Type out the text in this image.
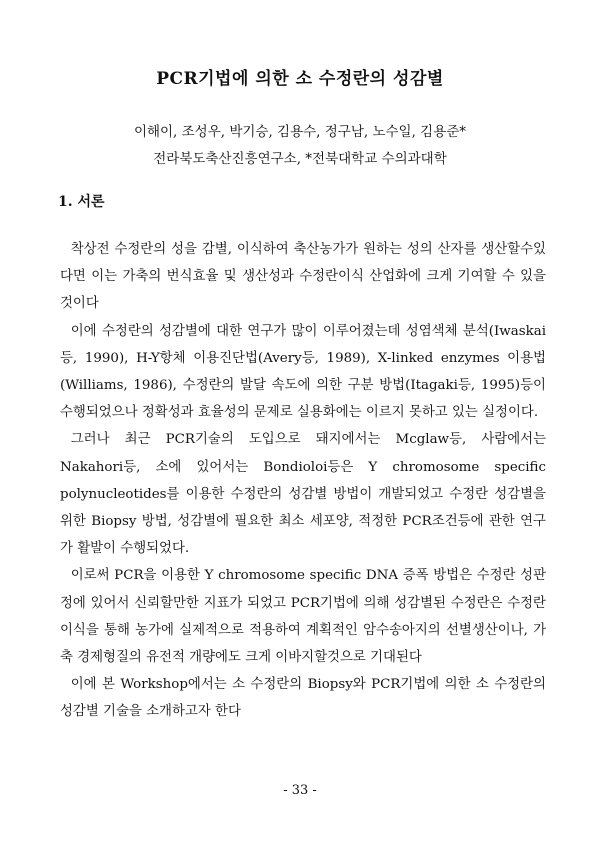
PCR기법에 의한 소 수정란의 성감별
이해이, 조성우, 박기승, 김용수, 정구남, 노수일, 김용준*
전라북도축산진흥연구소, *전북대학교 수의과대학
1. 서론

착상전 수정란의 성을 감별, 이식하여 축산농가가 원하는 성의 산자를 생산할수있다면 이는 가축의 번식효율 및 생산성과 수정란이식 산업화에 크게 기여할 수 있을 것이다

이에 수정란의 성감별에 대한 연구가 많이 이루어졌는데 성염색체 분석(Iwaskai등, 1990), H-Y항체 이용진단법(Avery등, 1989), X-linked enzymes 이용법(Williams, 1986), 수정란의 발달 속도에 의한 구분 방법(Itagaki등, 1995)등이 수행되었으나 정확성과 효율성의 문제로 실용화에는 이르지 못하고 있는 실정이다.

그러나 최근 PCR기술의 도입으로 돼지에서는 Mcglaw등, 사람에서는 Nakahori등, 소에 있어서는 Bondioloi등은 Y chromosome specific polynucleotides를 이용한 수정란의 성감별 방법이 개발되었고 수정란 성감별을 위한 Biopsy 방법, 성감별에 필요한 최소 세포양, 적정한 PCR조건등에 관한 연구가 활발이 수행되었다.

이로써 PCR을 이용한 Y chromosome specific DNA 증폭 방법은 수정란 성판정에 있어서 신뢰할만한 지표가 되었고 PCR기법에 의해 성감별된 수정란은 수정란이식을 통해 농가에 실제적으로 적용하여 계획적인 암수송아지의 선별생산이나, 가축 경제형질의 유전적 개량에도 크게 이바지할것으로 기대된다

이에 본 Workshop에서는 소 수정란의 Biopsy와 PCR기법에 의한 소 수정란의 성감별 기술을 소개하고자 한다

- 33 -
